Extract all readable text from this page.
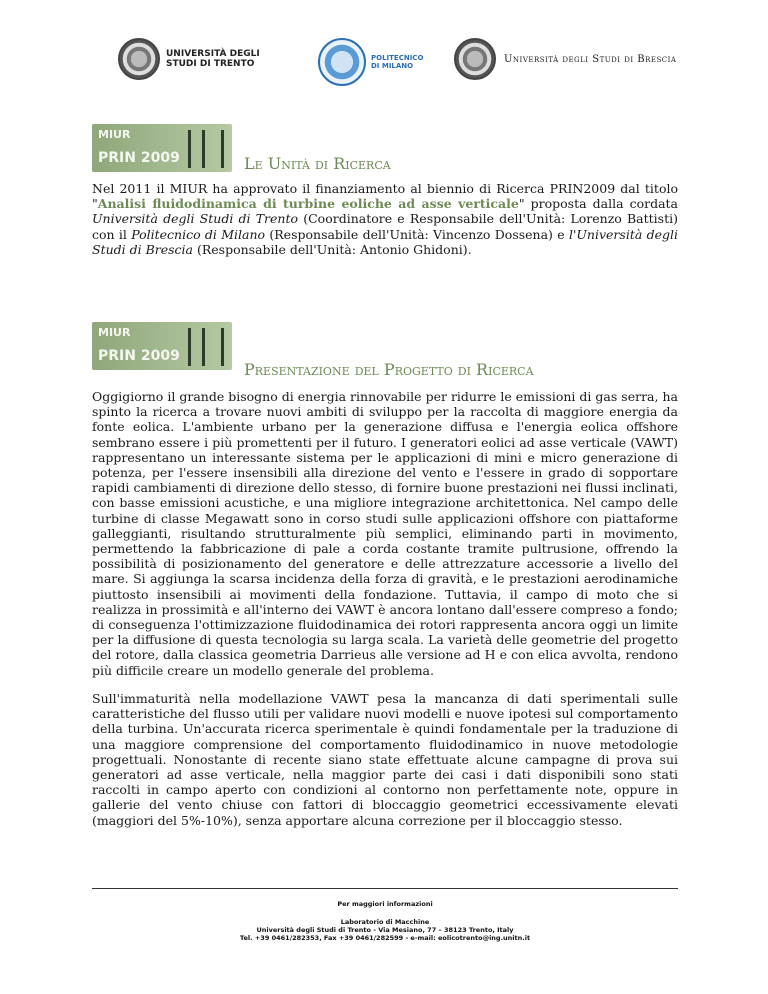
UNIVERSITÀ DEGLI STUDI DI TRENTO
POLITECNICO DI MILANO
Università degli Studi di Brescia
MIUR
PRIN 2009	Le Unità di Ricerca
Nel 2011 il MIUR ha approvato il finanziamento al biennio di Ricerca PRIN2009 dal titolo "Analisi fluidodinamica di turbine eoliche ad asse verticale" proposta dalla cordata Università degli Studi di Trento (Coordinatore e Responsabile dell'Unità: Lorenzo Battisti) con il Politecnico di Milano (Responsabile dell'Unità: Vincenzo Dossena) e l'Università degli Studi di Brescia (Responsabile dell'Unità: Antonio Ghidoni).
MIUR
PRIN 2009
Presentazione del Progetto di Ricerca
Oggigiorno il grande bisogno di energia rinnovabile per ridurre le emissioni di gas serra, ha spinto la ricerca a trovare nuovi ambiti di sviluppo per la raccolta di maggiore energia da fonte eolica. L'ambiente urbano per la generazione diffusa e l'energia eolica offshore sembrano essere i più promettenti per il futuro. I generatori eolici ad asse verticale (VAWT) rappresentano un interessante sistema per le applicazioni di mini e micro generazione di potenza, per l'essere insensibili alla direzione del vento e l'essere in grado di sopportare rapidi cambiamenti di direzione dello stesso, di fornire buone prestazioni nei flussi inclinati, con basse emissioni acustiche, e una migliore integrazione architettonica. Nel campo delle turbine di classe Megawatt sono in corso studi sulle applicazioni offshore con piattaforme galleggianti, risultando strutturalmente più semplici, eliminando parti in movimento, permettendo la fabbricazione di pale a corda costante tramite pultrusione, offrendo la possibilità di posizionamento del generatore e delle attrezzature accessorie a livello del mare. Si aggiunga la scarsa incidenza della forza di gravità, e le prestazioni aerodinamiche piuttosto insensibili ai movimenti della fondazione. Tuttavia, il campo di moto che si realizza in prossimità e all'interno dei VAWT è ancora lontano dall'essere compreso a fondo; di conseguenza l'ottimizzazione fluidodinamica dei rotori rappresenta ancora oggi un limite per la diffusione di questa tecnologia su larga scala. La varietà delle geometrie del progetto del rotore, dalla classica geometria Darrieus alle versione ad H e con elica avvolta, rendono più difficile creare un modello generale del problema.
Sull'immaturità nella modellazione VAWT pesa la mancanza di dati sperimentali sulle caratteristiche del flusso utili per validare nuovi modelli e nuove ipotesi sul comportamento della turbina. Un'accurata ricerca sperimentale è quindi fondamentale per la traduzione di una maggiore comprensione del comportamento fluidodinamico in nuove metodologie progettuali. Nonostante di recente siano state effettuate alcune campagne di prova sui generatori ad asse verticale, nella maggior parte dei casi i dati disponibili sono stati raccolti in campo aperto con condizioni al contorno non perfettamente note, oppure in gallerie del vento chiuse con fattori di bloccaggio geometrici eccessivamente elevati (maggiori del 5%-10%), senza apportare alcuna correzione per il bloccaggio stesso.
Per maggiori informazioni
Laboratorio di Macchine
Università degli Studi di Trento - Via Mesiano, 77 – 38123 Trento, Italy
Tel. +39 0461/282353, Fax +39 0461/282599 - e-mail: eolicotrento@ing.unitn.it
